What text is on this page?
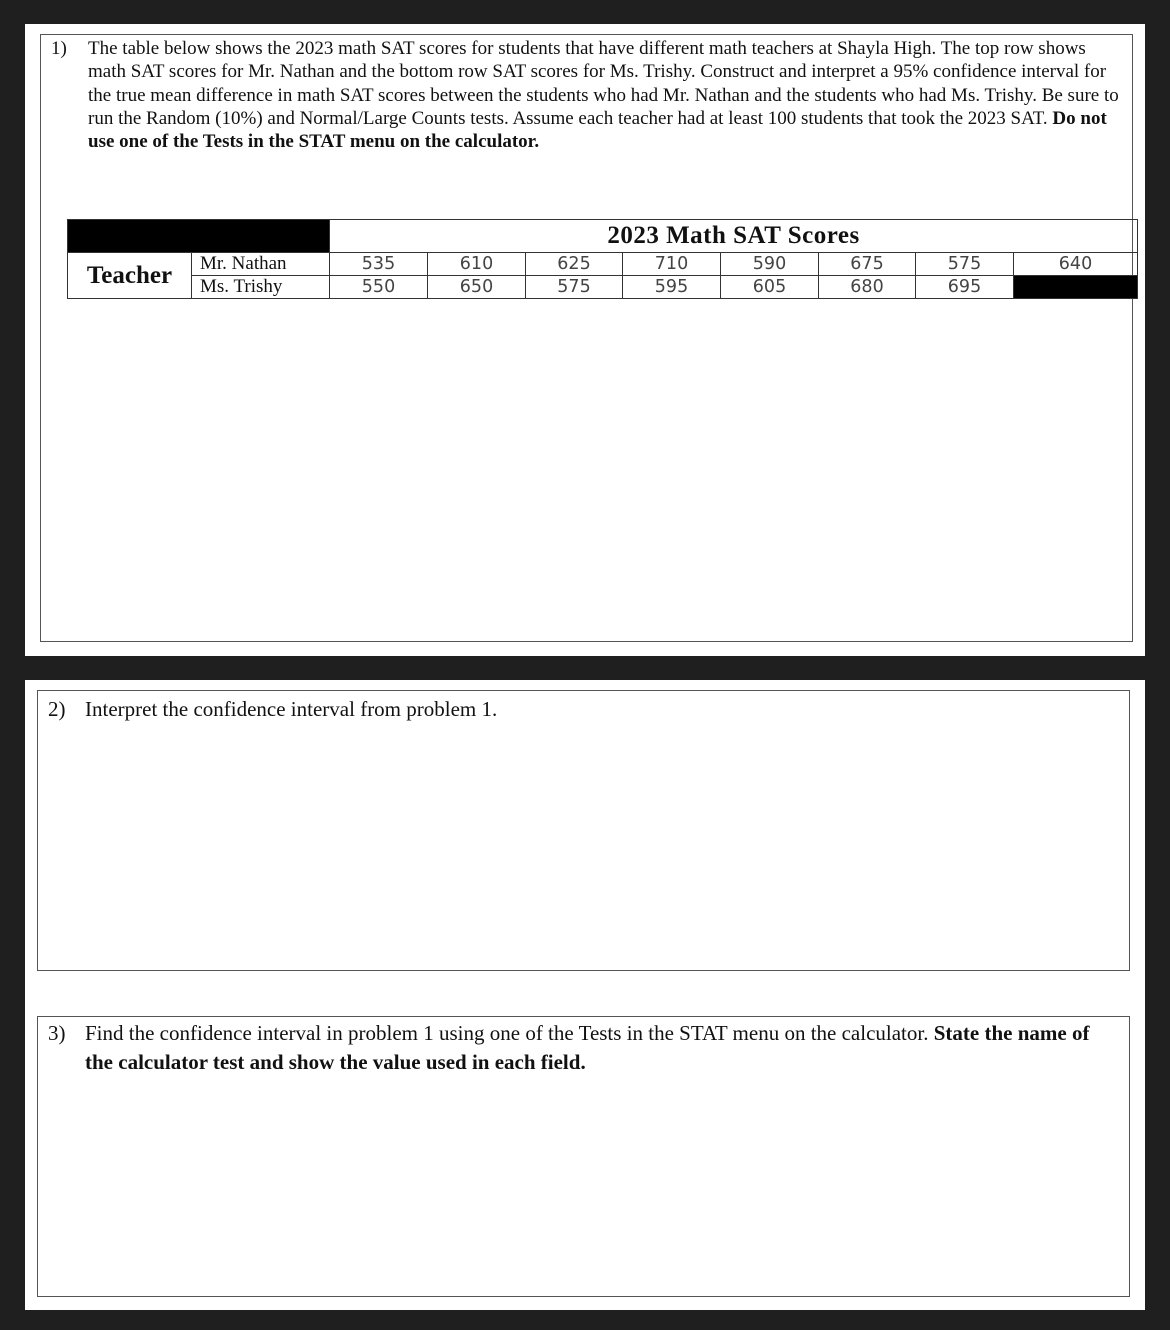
1) The table below shows the 2023 math SAT scores for students that have different math teachers at Shayla High. The top row shows math SAT scores for Mr. Nathan and the bottom row SAT scores for Ms. Trishy. Construct and interpret a 95% confidence interval for the true mean difference in math SAT scores between the students who had Mr. Nathan and the students who had Ms. Trishy. Be sure to run the Random (10%) and Normal/Large Counts tests. Assume each teacher had at least 100 students that took the 2023 SAT. Do not use one of the Tests in the STAT menu on the calculator.
		2023 Math SAT Scores							
Teacher	Mr. Nathan	535	610	625	710	590	675	575	640
	Ms. Trishy	550	650	575	595	605	680	695	
2) Interpret the confidence interval from problem 1.
3) Find the confidence interval in problem 1 using one of the Tests in the STAT menu on the calculator. State the name of the calculator test and show the value used in each field.
